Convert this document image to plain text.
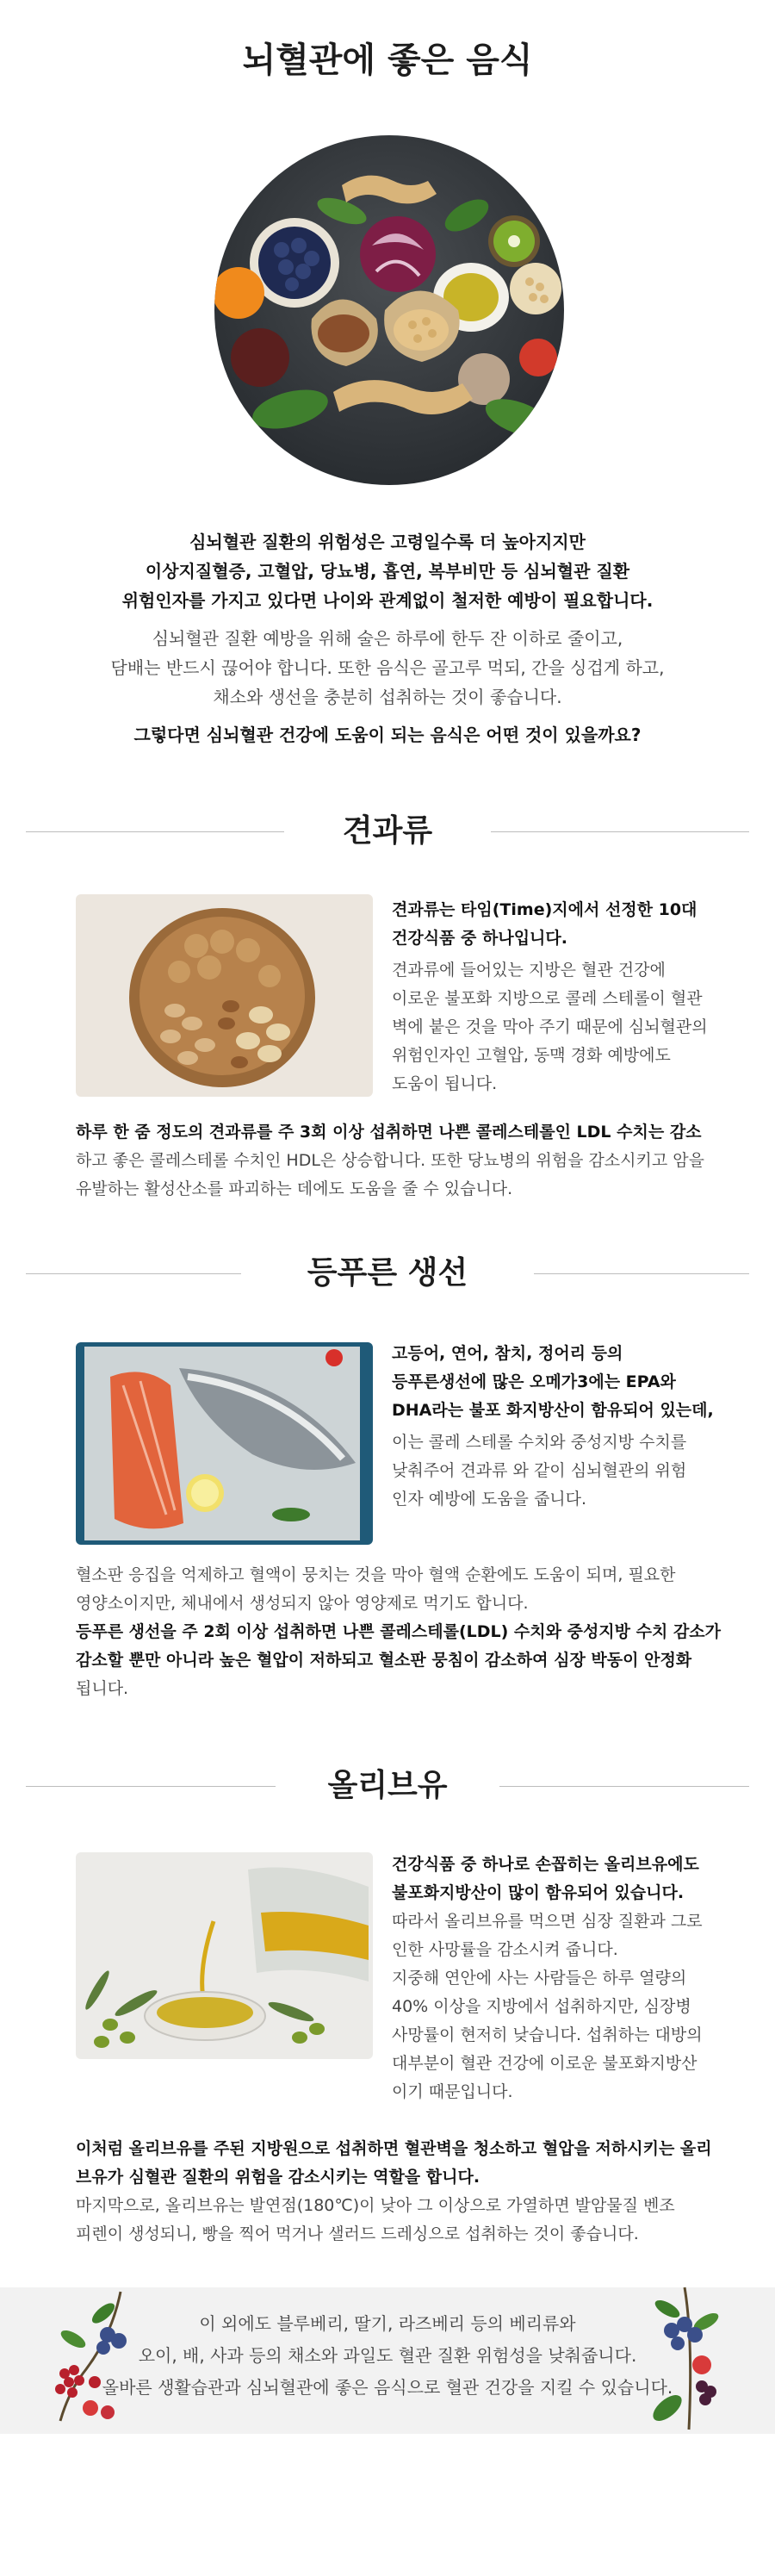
뇌혈관에 좋은 음식
심뇌혈관 질환의 위험성은 고령일수록 더 높아지지만
이상지질혈증, 고혈압, 당뇨병, 흡연, 복부비만 등 심뇌혈관 질환
위험인자를 가지고 있다면 나이와 관계없이 철저한 예방이 필요합니다.
심뇌혈관 질환 예방을 위해 술은 하루에 한두 잔 이하로 줄이고,
담배는 반드시 끊어야 합니다. 또한 음식은 골고루 먹되, 간을 싱겁게 하고,
채소와 생선을 충분히 섭취하는 것이 좋습니다.
그렇다면 심뇌혈관 건강에 도움이 되는 음식은 어떤 것이 있을까요?
견과류

견과류는 타임(Time)지에서 선정한 10대

건강식품 중 하나입니다.

견과류에 들어있는 지방은 혈관 건강에

이로운 불포화 지방으로 콜레 스테롤이 혈관

벽에 붙은 것을 막아 주기 때문에 심뇌혈관의

위험인자인 고혈압, 동맥 경화 예방에도

도움이 됩니다.

하루 한 줌 정도의 견과류를 주 3회 이상 섭취하면 나쁜 콜레스테롤인 LDL 수치는 감소

하고 좋은 콜레스테롤 수치인 HDL은 상승합니다. 또한 당뇨병의 위험을 감소시키고 암을

유발하는 활성산소를 파괴하는 데에도 도움을 줄 수 있습니다.

등푸른 생선

고등어, 연어, 참치, 정어리 등의

등푸른생선에 많은 오메가3에는 EPA와

DHA라는 불포 화지방산이 함유되어 있는데,

이는 콜레 스테롤 수치와 중성지방 수치를

낮춰주어 견과류 와 같이 심뇌혈관의 위험

인자 예방에 도움을 줍니다.

혈소판 응집을 억제하고 혈액이 뭉치는 것을 막아 혈액 순환에도 도움이 되며, 필요한

영양소이지만, 체내에서 생성되지 않아 영양제로 먹기도 합니다.

등푸른 생선을 주 2회 이상 섭취하면 나쁜 콜레스테롤(LDL) 수치와 중성지방 수치 감소가

감소할 뿐만 아니라 높은 혈압이 저하되고 혈소판 뭉침이 감소하여 심장 박동이 안정화

됩니다.

올리브유

건강식품 중 하나로 손꼽히는 올리브유에도

불포화지방산이 많이 함유되어 있습니다.

따라서 올리브유를 먹으면 심장 질환과 그로

인한 사망률을 감소시켜 줍니다.

지중해 연안에 사는 사람들은 하루 열량의

40% 이상을 지방에서 섭취하지만, 심장병

사망률이 현저히 낮습니다. 섭취하는 대방의

대부분이 혈관 건강에 이로운 불포화지방산

이기 때문입니다.

이처럼 올리브유를 주된 지방원으로 섭취하면 혈관벽을 청소하고 혈압을 저하시키는 올리

브유가 심혈관 질환의 위험을 감소시키는 역할을 합니다.

마지막으로, 올리브유는 발연점(180℃)이 낮아 그 이상으로 가열하면 발암물질 벤조

피렌이 생성되니, 빵을 찍어 먹거나 샐러드 드레싱으로 섭취하는 것이 좋습니다.

이 외에도 블루베리, 딸기, 라즈베리 등의 베리류와
오이, 배, 사과 등의 채소와 과일도 혈관 질환 위험성을 낮춰줍니다.
올바른 생활습관과 심뇌혈관에 좋은 음식으로 혈관 건강을 지킬 수 있습니다.
